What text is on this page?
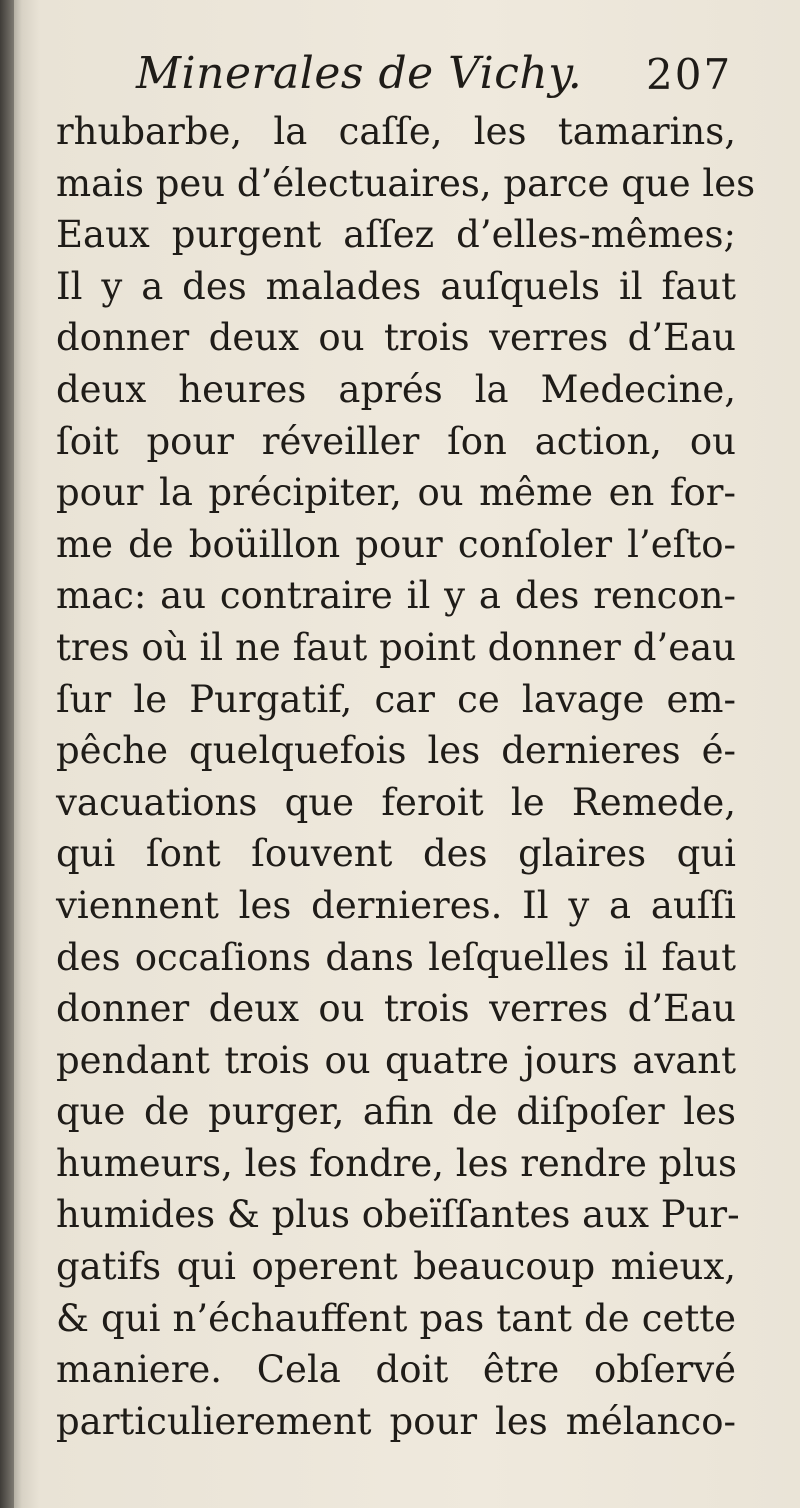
Minerales de Vichy. 207
rhubarbe, la caſſe, les tamarins,
mais peu d’électuaires, parce que les
Eaux purgent aſſez d’elles-mêmes;
Il y a des malades auſquels il faut
donner deux ou trois verres d’Eau
deux heures aprés la Medecine,
ſoit pour réveiller ſon action, ou
pour la précipiter, ou même en for-
me de boüillon pour conſoler l’eſto-
mac: au contraire il y a des rencon-
tres où il ne faut point donner d’eau
ſur le Purgatif, car ce lavage em-
pêche quelquefois les dernieres é-
vacuations que feroit le Remede,
qui ſont ſouvent des glaires qui
viennent les dernieres. Il y a auſſi
des occaſions dans leſquelles il faut
donner deux ou trois verres d’Eau
pendant trois ou quatre jours avant
que de purger, afin de diſpoſer les
humeurs, les fondre, les rendre plus
humides & plus obeïſſantes aux Pur-
gatifs qui operent beaucoup mieux,
& qui n’échauffent pas tant de cette
maniere. Cela doit être obſervé
particulierement pour les mélanco-
